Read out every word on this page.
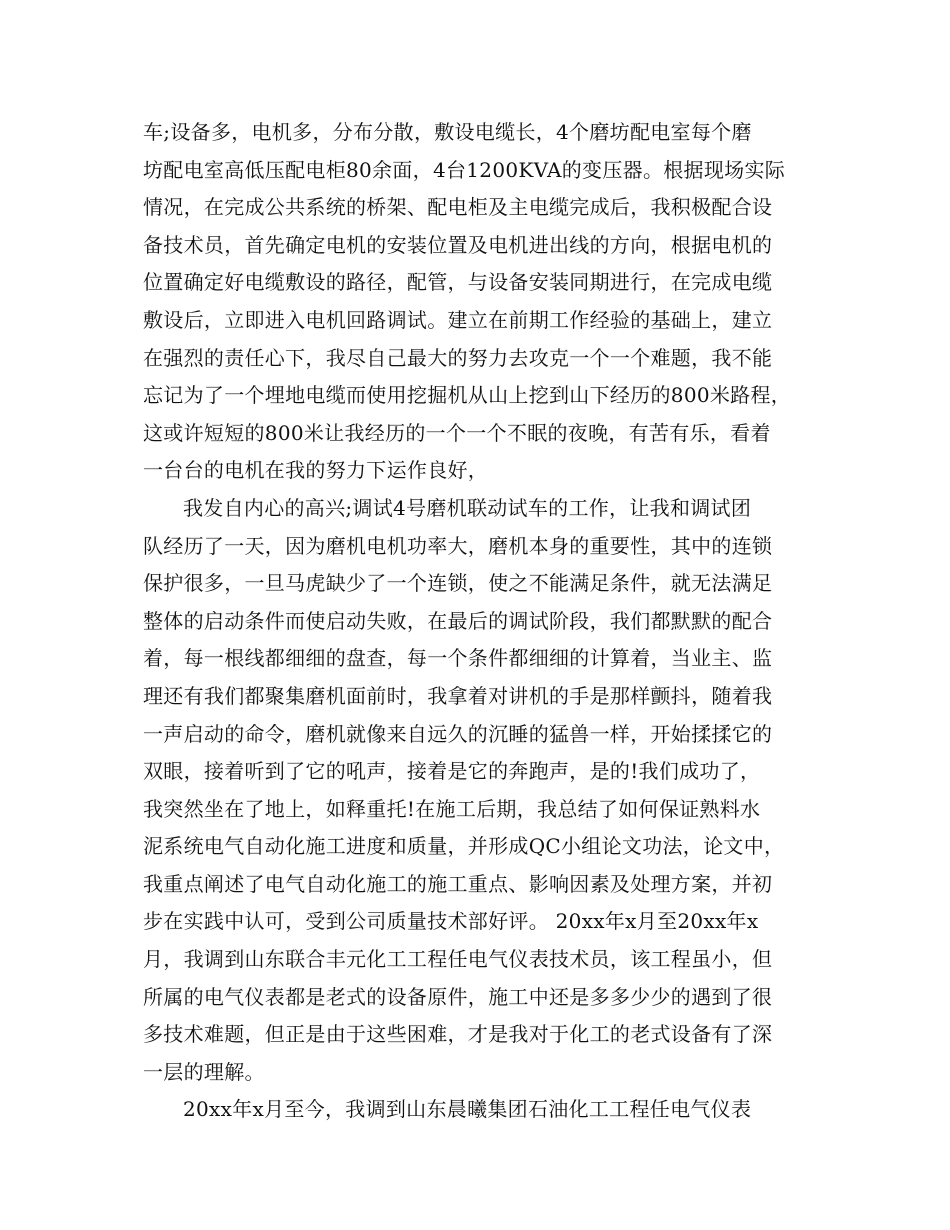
车;设备多，电机多，分布分散，敷设电缆长，4个磨坊配电室每个磨
坊配电室高低压配电柜80余面，4台1200KVA的变压器。根据现场实际
情况，在完成公共系统的桥架、配电柜及主电缆完成后，我积极配合设
备技术员，首先确定电机的安装位置及电机进出线的方向，根据电机的
位置确定好电缆敷设的路径，配管，与设备安装同期进行，在完成电缆
敷设后，立即进入电机回路调试。建立在前期工作经验的基础上，建立
在强烈的责任心下，我尽自己最大的努力去攻克一个一个难题，我不能
忘记为了一个埋地电缆而使用挖掘机从山上挖到山下经历的800米路程，
这或许短短的800米让我经历的一个一个不眠的夜晚，有苦有乐，看着
一台台的电机在我的努力下运作良好，
我发自内心的高兴;调试4号磨机联动试车的工作，让我和调试团
队经历了一天，因为磨机电机功率大，磨机本身的重要性，其中的连锁
保护很多，一旦马虎缺少了一个连锁，使之不能满足条件，就无法满足
整体的启动条件而使启动失败，在最后的调试阶段，我们都默默的配合
着，每一根线都细细的盘查，每一个条件都细细的计算着，当业主、监
理还有我们都聚集磨机面前时，我拿着对讲机的手是那样颤抖，随着我
一声启动的命令，磨机就像来自远久的沉睡的猛兽一样，开始揉揉它的
双眼，接着听到了它的吼声，接着是它的奔跑声，是的!我们成功了，
我突然坐在了地上，如释重托!在施工后期，我总结了如何保证熟料水
泥系统电气自动化施工进度和质量，并形成QC小组论文功法，论文中，
我重点阐述了电气自动化施工的施工重点、影响因素及处理方案，并初
步在实践中认可，受到公司质量技术部好评。 20xx年x月至20xx年x
月，我调到山东联合丰元化工工程任电气仪表技术员，该工程虽小，但
所属的电气仪表都是老式的设备原件，施工中还是多多少少的遇到了很
多技术难题，但正是由于这些困难，才是我对于化工的老式设备有了深
一层的理解。
20xx年x月至今，我调到山东晨曦集团石油化工工程任电气仪表
